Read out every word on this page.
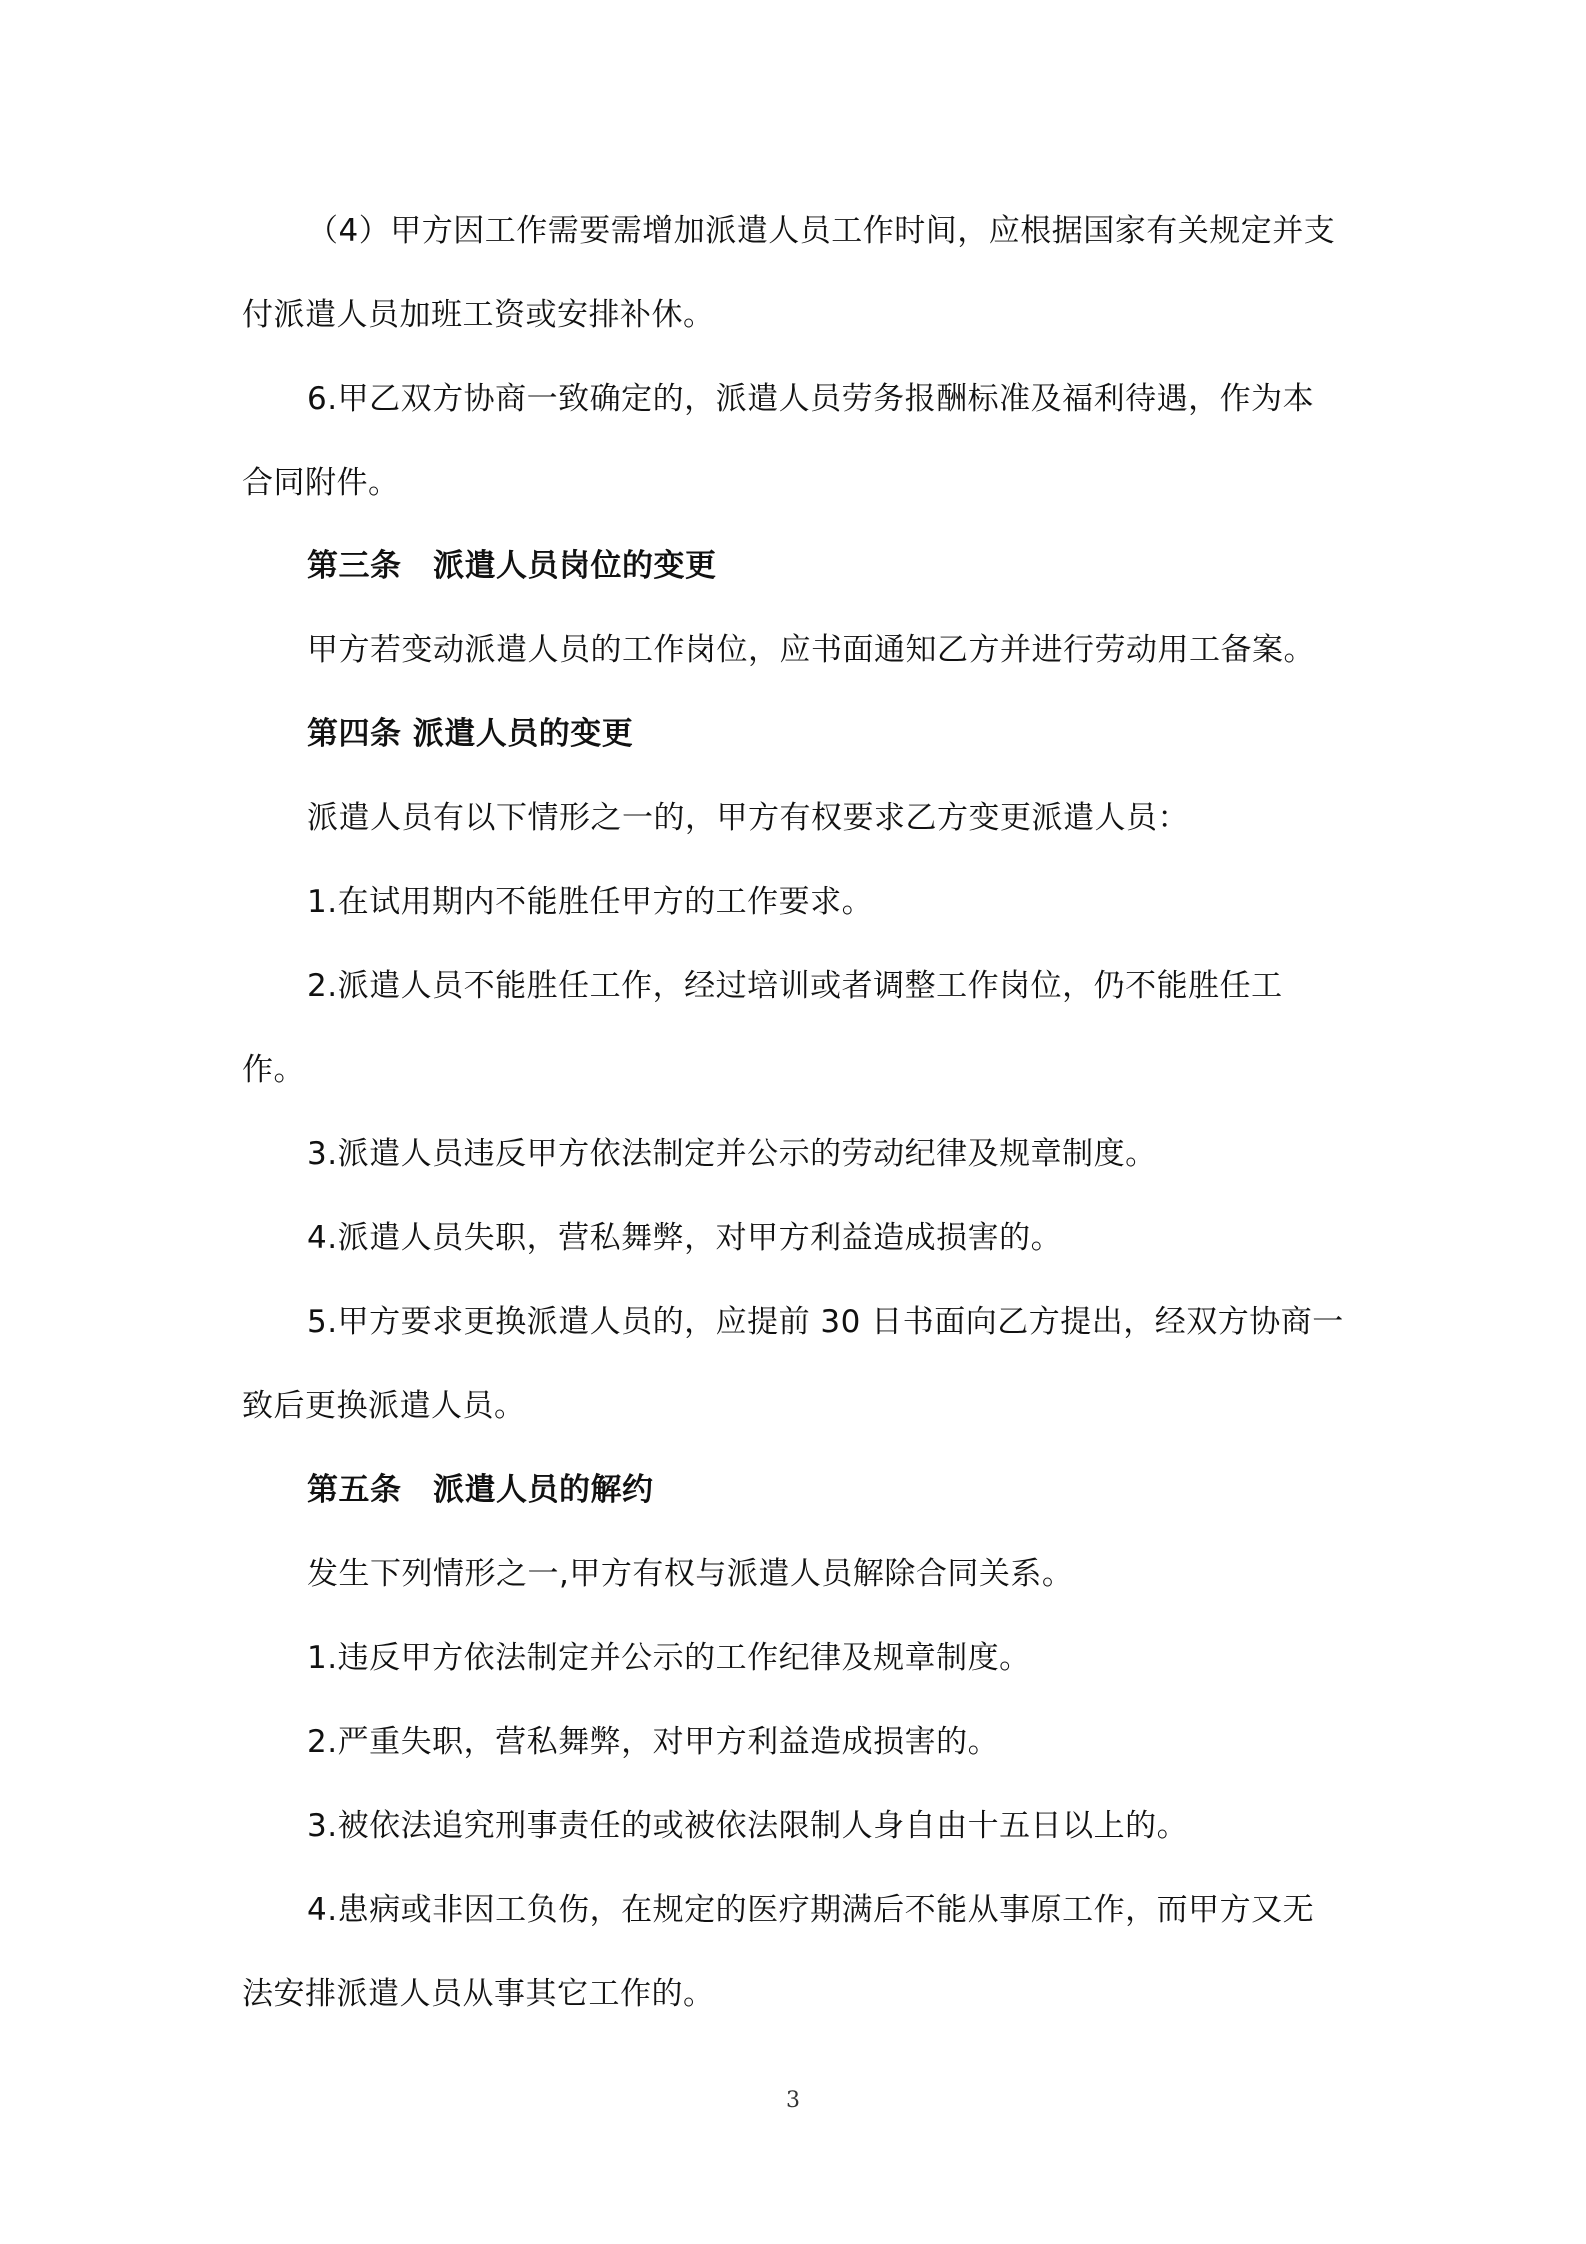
（4）甲方因工作需要需增加派遣人员工作时间，应根据国家有关规定并支
付派遣人员加班工资或安排补休。
6.甲乙双方协商一致确定的，派遣人员劳务报酬标准及福利待遇，作为本
合同附件。
第三条　派遣人员岗位的变更
甲方若变动派遣人员的工作岗位，应书面通知乙方并进行劳动用工备案。
第四条 派遣人员的变更
派遣人员有以下情形之一的，甲方有权要求乙方变更派遣人员：
1.在试用期内不能胜任甲方的工作要求。
2.派遣人员不能胜任工作，经过培训或者调整工作岗位，仍不能胜任工
作。
3.派遣人员违反甲方依法制定并公示的劳动纪律及规章制度。
4.派遣人员失职，营私舞弊，对甲方利益造成损害的。
5.甲方要求更换派遣人员的，应提前 30 日书面向乙方提出，经双方协商一
致后更换派遣人员。
第五条　派遣人员的解约
发生下列情形之一,甲方有权与派遣人员解除合同关系。
1.违反甲方依法制定并公示的工作纪律及规章制度。
2.严重失职，营私舞弊，对甲方利益造成损害的。
3.被依法追究刑事责任的或被依法限制人身自由十五日以上的。
4.患病或非因工负伤，在规定的医疗期满后不能从事原工作，而甲方又无
法安排派遣人员从事其它工作的。
3
